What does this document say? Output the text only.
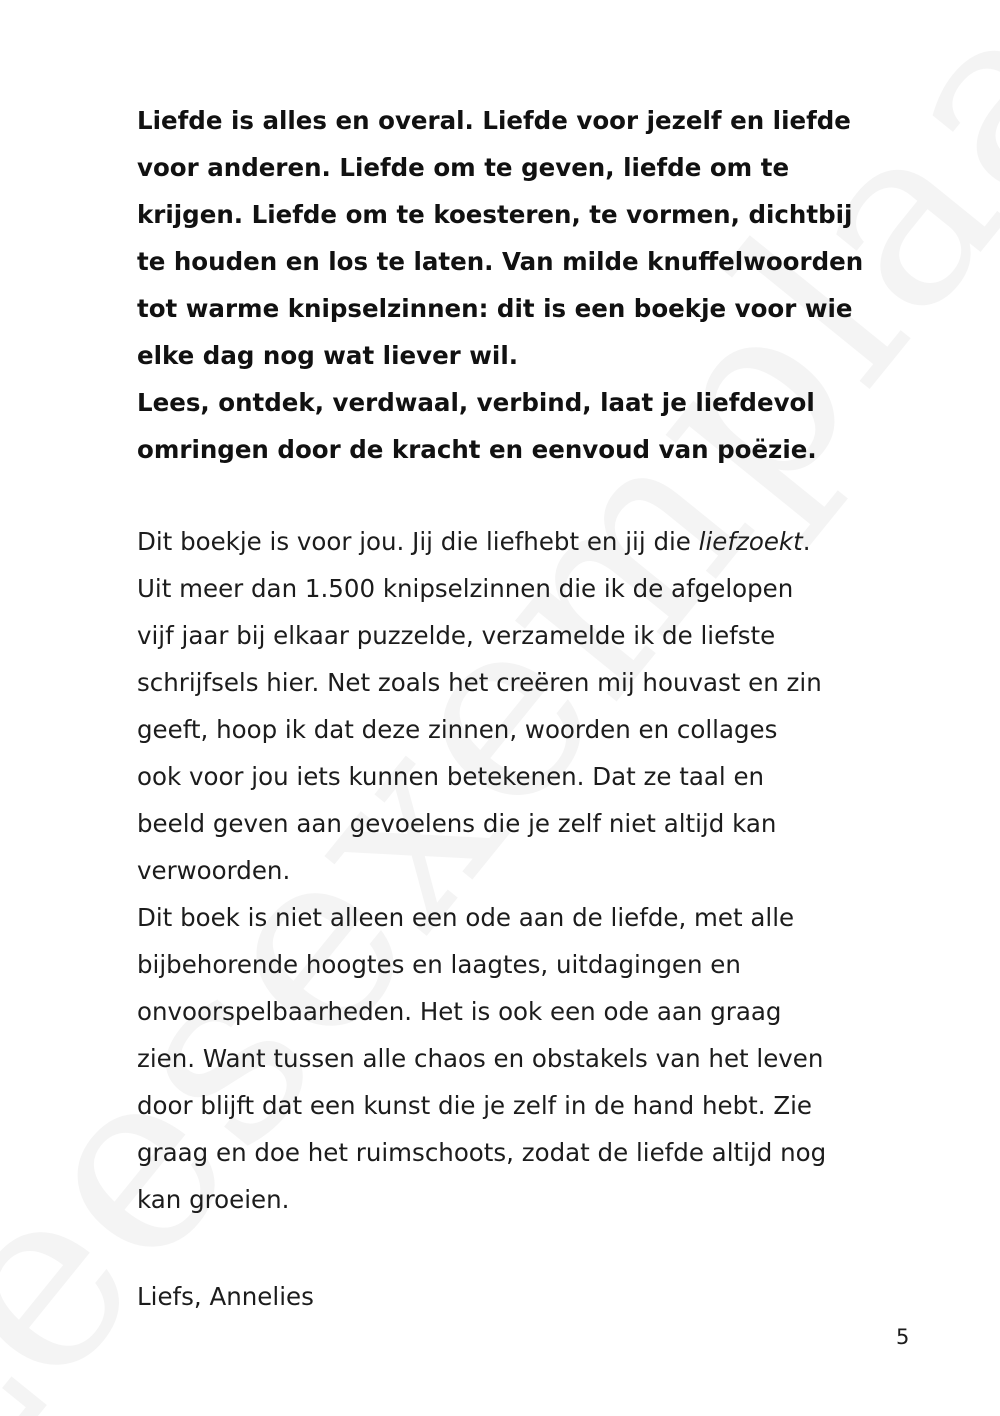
Liefde is alles en overal. Liefde voor jezelf en liefde
voor anderen. Liefde om te geven, liefde om te
krijgen. Liefde om te koesteren, te vormen, dichtbij
te houden en los te laten. Van milde knuffelwoorden
tot warme knipselzinnen: dit is een boekje voor wie
elke dag nog wat liever wil.
Lees, ontdek, verdwaal, verbind, laat je liefdevol
omringen door de kracht en eenvoud van poëzie.
Dit boekje is voor jou. Jij die liefhebt en jij die liefzoekt.
Uit meer dan 1.500 knipselzinnen die ik de afgelopen
vijf jaar bij elkaar puzzelde, verzamelde ik de liefste
schrijfsels hier. Net zoals het creëren mij houvast en zin
geeft, hoop ik dat deze zinnen, woorden en collages
ook voor jou iets kunnen betekenen. Dat ze taal en
beeld geven aan gevoelens die je zelf niet altijd kan
verwoorden.
Dit boek is niet alleen een ode aan de liefde, met alle
bijbehorende hoogtes en laagtes, uitdagingen en
onvoorspelbaarheden. Het is ook een ode aan graag
zien. Want tussen alle chaos en obstakels van het leven
door blijft dat een kunst die je zelf in de hand hebt. Zie
graag en doe het ruimschoots, zodat de liefde altijd nog
kan groeien.
Liefs, Annelies
5
